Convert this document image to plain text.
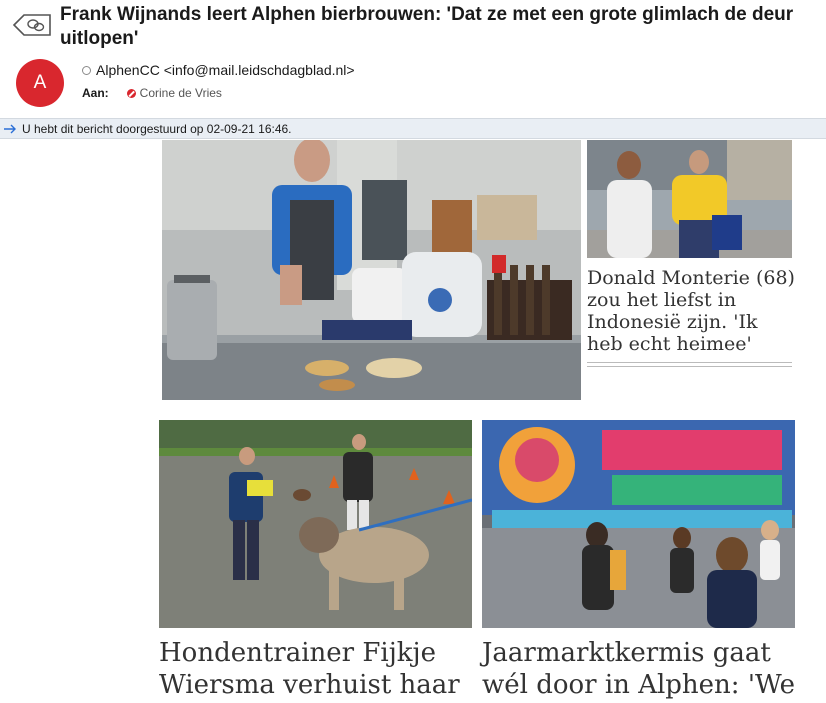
Frank Wijnands leert Alphen bierbrouwen: 'Dat ze met een grote glimlach de deur uitlopen'
A
AlphenCC <info@mail.leidschdagblad.nl>
Aan:	Corine de Vries
U hebt dit bericht doorgestuurd op 02-09-21 16:46.

Donald Monterie (68) zou het liefst in Indonesië zijn. 'Ik heb echt heimee'

Hondentrainer Fijkje Wiersma verhuist haar

Jaarmarktkermis gaat wél door in Alphen: 'We
